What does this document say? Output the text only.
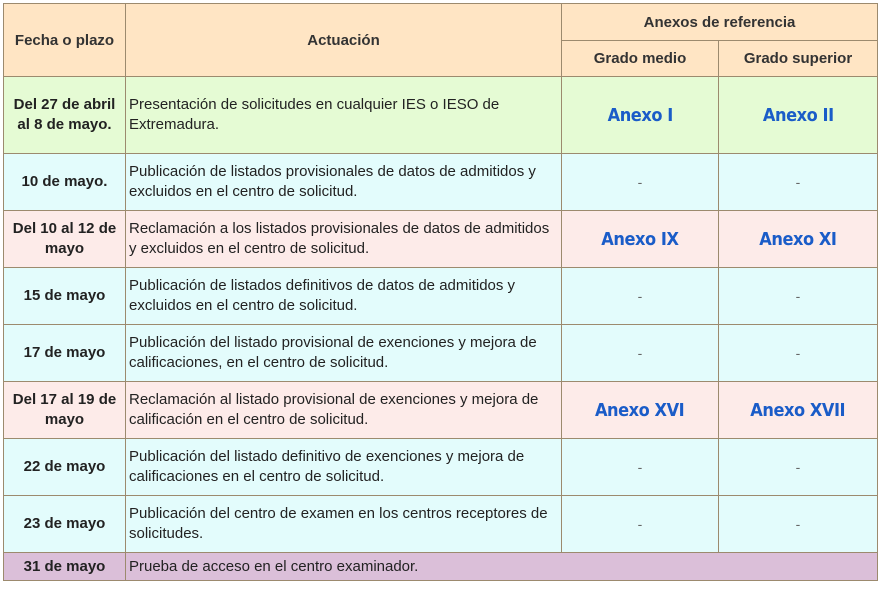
Fecha o plazo	Actuación	Anexos de referencia	
		Grado medio	Grado superior
Del 27 de abril al 8 de mayo.	Presentación de solicitudes en cualquier IES o IESO de Extremadura.	Anexo I	Anexo II
10 de mayo.	Publicación de listados provisionales de datos de admitidos y excluidos en el centro de solicitud.	-	-
Del 10 al 12 de mayo	Reclamación a los listados provisionales de datos de admitidos y excluidos en el centro de solicitud.	Anexo IX	Anexo XI
15 de mayo	Publicación de listados definitivos de datos de admitidos y excluidos en el centro de solicitud.	-	-
17 de mayo	Publicación del listado provisional de exenciones y mejora de calificaciones, en el centro de solicitud.	-	-
Del 17 al 19 de mayo	Reclamación al listado provisional de exenciones y mejora de calificación en el centro de solicitud.	Anexo XVI	Anexo XVII
22 de mayo	Publicación del listado definitivo de exenciones y mejora de calificaciones en el centro de solicitud.	-	-
23 de mayo	Publicación del centro de examen en los centros receptores de solicitudes.	-	-
31 de mayo	Prueba de acceso en el centro examinador.		
